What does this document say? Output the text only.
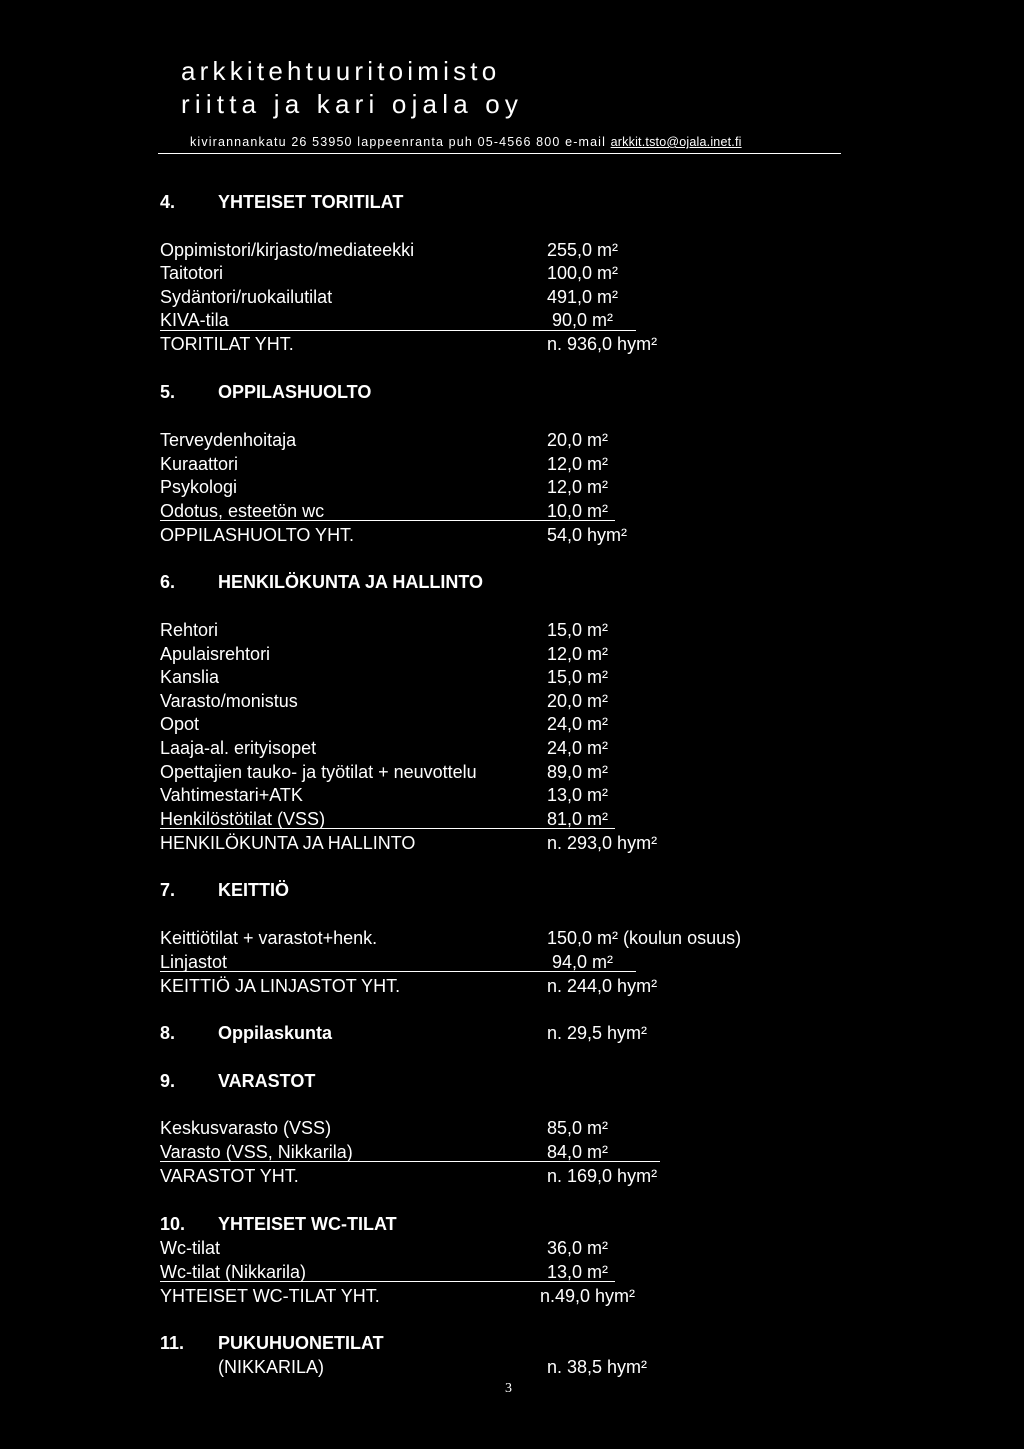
arkkitehtuuritoimisto
riitta ja kari ojala oy
kivirannankatu 26 53950 lappeenranta puh 05-4566 800 e-mail arkkit.tsto@ojala.inet.fi
4. YHTEISET TORITILAT
Oppimistori/kirjasto/mediateekki	255,0 m²
Taitotori	100,0 m²
Sydäntori/ruokailutilat	491,0 m²
KIVA-tila	90,0 m²
TORITILAT YHT.	n. 936,0 hym²
5. OPPILASHUOLTO
Terveydenhoitaja	20,0 m²
Kuraattori	12,0 m²
Psykologi	12,0 m²
Odotus, esteetön wc	10,0 m²
OPPILASHUOLTO YHT.	54,0 hym²
6. HENKILÖKUNTA JA HALLINTO
Rehtori	15,0 m²
Apulaisrehtori	12,0 m²
Kanslia	15,0 m²
Varasto/monistus	20,0 m²
Opot	24,0 m²
Laaja-al. erityisopet	24,0 m²
Opettajien tauko- ja työtilat + neuvottelu	89,0 m²
Vahtimestari+ATK	13,0 m²
Henkilöstötilat (VSS)	81,0 m²
HENKILÖKUNTA JA HALLINTO	n. 293,0 hym²
7. KEITTIÖ
Keittiötilat + varastot+henk.	150,0 m² (koulun osuus)
Linjastot	94,0 m²
KEITTIÖ JA LINJASTOT YHT.	n. 244,0 hym²
8. Oppilaskunta	n. 29,5 hym²
9. VARASTOT
Keskusvarasto (VSS)	85,0 m²
Varasto (VSS, Nikkarila)	84,0 m²
VARASTOT YHT.	n. 169,0 hym²
10. YHTEISET WC-TILAT
Wc-tilat	36,0 m²
Wc-tilat (Nikkarila)	13,0 m²
YHTEISET WC-TILAT YHT.	n.49,0 hym²
11. PUKUHUONETILAT
(NIKKARILA)	n. 38,5 hym²
3
